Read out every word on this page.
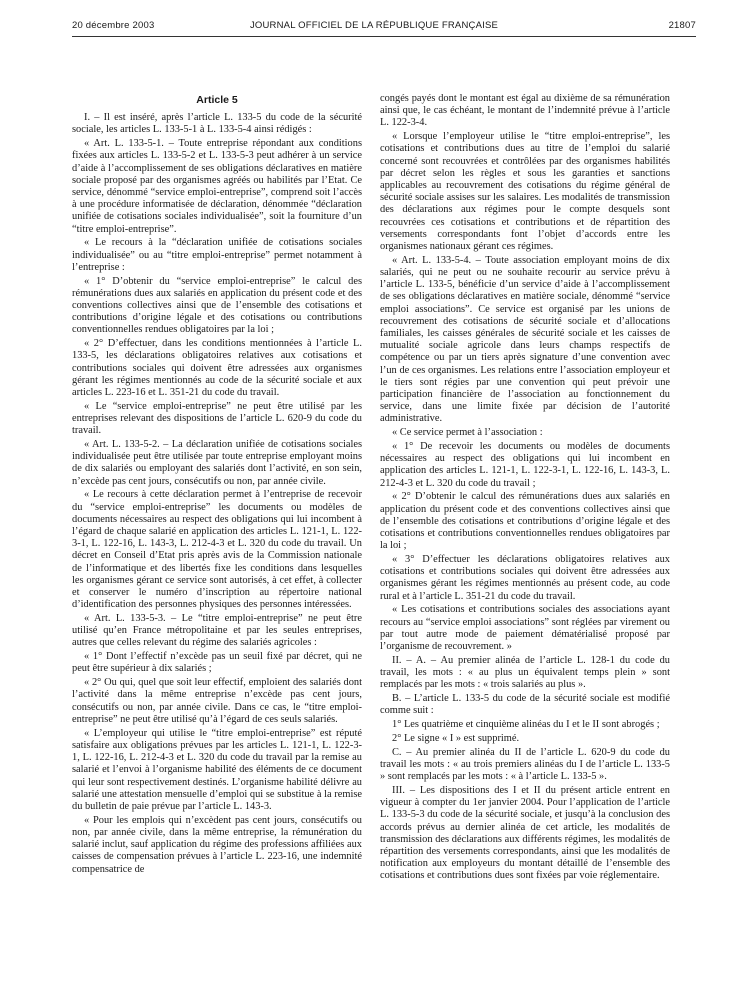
JOURNAL OFFICIEL DE LA RÉPUBLIQUE FRANÇAISE
20 décembre 2003	21807
Article 5

I. – Il est inséré, après l’article L. 133-5 du code de la sécurité sociale, les articles L. 133-5-1 à L. 133-5-4 ainsi rédigés :

« Art. L. 133-5-1. – Toute entreprise répondant aux conditions fixées aux articles L. 133-5-2 et L. 133-5-3 peut adhérer à un service d’aide à l’accomplissement de ses obligations déclaratives en matière sociale proposé par des organismes agréés ou habilités par l’Etat. Ce service, dénommé “service emploi-entreprise”, comprend soit l’accès à une procédure informatisée de déclaration, dénommée “déclaration unifiée de cotisations sociales individualisée”, soit la fourniture d’un “titre emploi-entreprise”.

« Le recours à la “déclaration unifiée de cotisations sociales individualisée” ou au “titre emploi-entreprise” permet notamment à l’entreprise :

« 1° D’obtenir du “service emploi-entreprise” le calcul des rémunérations dues aux salariés en application du présent code et des conventions collectives ainsi que de l’ensemble des cotisations et contributions d’origine légale et des cotisations ou contributions conventionnelles rendues obligatoires par la loi ;

« 2° D’effectuer, dans les conditions mentionnées à l’article L. 133-5, les déclarations obligatoires relatives aux cotisations et contributions sociales qui doivent être adressées aux organismes gérant les régimes mentionnés au code de la sécurité sociale et aux articles L. 223-16 et L. 351-21 du code du travail.

« Le “service emploi-entreprise” ne peut être utilisé par les entreprises relevant des dispositions de l’article L. 620-9 du code du travail.

« Art. L. 133-5-2. – La déclaration unifiée de cotisations sociales individualisée peut être utilisée par toute entreprise employant moins de dix salariés ou employant des salariés dont l’activité, en son sein, n’excède pas cent jours, consécutifs ou non, par année civile.

« Le recours à cette déclaration permet à l’entreprise de recevoir du “service emploi-entreprise” les documents ou modèles de documents nécessaires au respect des obligations qui lui incombent à l’égard de chaque salarié en application des articles L. 121-1, L. 122-3-1, L. 122-16, L. 143-3, L. 212-4-3 et L. 320 du code du travail. Un décret en Conseil d’Etat pris après avis de la Commission nationale de l’informatique et des libertés fixe les conditions dans lesquelles les organismes gérant ce service sont autorisés, à cet effet, à collecter et conserver le numéro d’inscription au répertoire national d’identification des personnes physiques des personnes intéressées.

« Art. L. 133-5-3. – Le “titre emploi-entreprise” ne peut être utilisé qu’en France métropolitaine et par les seules entreprises, autres que celles relevant du régime des salariés agricoles :

« 1° Dont l’effectif n’excède pas un seuil fixé par décret, qui ne peut être supérieur à dix salariés ;

« 2° Ou qui, quel que soit leur effectif, emploient des salariés dont l’activité dans la même entreprise n’excède pas cent jours, consécutifs ou non, par année civile. Dans ce cas, le “titre emploi-entreprise” ne peut être utilisé qu’à l’égard de ces seuls salariés.

« L’employeur qui utilise le “titre emploi-entreprise” est réputé satisfaire aux obligations prévues par les articles L. 121-1, L. 122-3-1, L. 122-16, L. 212-4-3 et L. 320 du code du travail par la remise au salarié et l’envoi à l’organisme habilité des éléments de ce document qui leur sont respectivement destinés. L’organisme habilité délivre au salarié une attestation mensuelle d’emploi qui se substitue à la remise du bulletin de paie prévue par l’article L. 143-3.

« Pour les emplois qui n’excèdent pas cent jours, consécutifs ou non, par année civile, dans la même entreprise, la rémunération du salarié inclut, sauf application du régime des professions affiliées aux caisses de compensation prévues à l’article L. 223-16, une indemnité compensatrice de

congés payés dont le montant est égal au dixième de sa rémunération ainsi que, le cas échéant, le montant de l’indemnité prévue à l’article L. 122-3-4.

« Lorsque l’employeur utilise le “titre emploi-entreprise”, les cotisations et contributions dues au titre de l’emploi du salarié concerné sont recouvrées et contrôlées par des organismes habilités par décret selon les règles et sous les garanties et sanctions applicables au recouvrement des cotisations du régime général de sécurité sociale assises sur les salaires. Les modalités de transmission des déclarations aux régimes pour le compte desquels sont recouvrées ces cotisations et contributions et de répartition des versements correspondants font l’objet d’accords entre les organismes nationaux gérant ces régimes.

« Art. L. 133-5-4. – Toute association employant moins de dix salariés, qui ne peut ou ne souhaite recourir au service prévu à l’article L. 133-5, bénéficie d’un service d’aide à l’accomplissement de ses obligations déclaratives en matière sociale, dénommé “service emploi associations”. Ce service est organisé par les unions de recouvrement des cotisations de sécurité sociale et d’allocations familiales, les caisses générales de sécurité sociale et les caisses de mutualité sociale agricole dans leurs champs respectifs de compétence ou par un tiers après signature d’une convention avec l’un de ces organismes. Les relations entre l’association employeur et le tiers sont régies par une convention qui peut prévoir une participation financière de l’association au fonctionnement du service, dans une limite fixée par décision de l’autorité administrative.

« Ce service permet à l’association :

« 1° De recevoir les documents ou modèles de documents nécessaires au respect des obligations qui lui incombent en application des articles L. 121-1, L. 122-3-1, L. 122-16, L. 143-3, L. 212-4-3 et L. 320 du code du travail ;

« 2° D’obtenir le calcul des rémunérations dues aux salariés en application du présent code et des conventions collectives ainsi que de l’ensemble des cotisations et contributions d’origine légale et des cotisations et contributions conventionnelles rendues obligatoires par la loi ;

« 3° D’effectuer les déclarations obligatoires relatives aux cotisations et contributions sociales qui doivent être adressées aux organismes gérant les régimes mentionnés au présent code, au code rural et à l’article L. 351-21 du code du travail.

« Les cotisations et contributions sociales des associations ayant recours au “service emploi associations” sont réglées par virement ou par tout autre mode de paiement dématérialisé proposé par l’organisme de recouvrement. »

II. – A. – Au premier alinéa de l’article L. 128-1 du code du travail, les mots : « au plus un équivalent temps plein » sont remplacés par les mots : « trois salariés au plus ».

B. – L’article L. 133-5 du code de la sécurité sociale est modifié comme suit :

1° Les quatrième et cinquième alinéas du I et le II sont abrogés ;

2° Le signe « I » est supprimé.

C. – Au premier alinéa du II de l’article L. 620-9 du code du travail les mots : « au trois premiers alinéas du I de l’article L. 133-5 » sont remplacés par les mots : « à l’article L. 133-5 ».

III. – Les dispositions des I et II du présent article entrent en vigueur à compter du 1er janvier 2004. Pour l’application de l’article L. 133-5-3 du code de la sécurité sociale, et jusqu’à la conclusion des accords prévus au dernier alinéa de cet article, les modalités de transmission des déclarations aux différents régimes, les modalités de répartition des versements correspondants, ainsi que les modalités de notification aux employeurs du montant détaillé de l’ensemble des cotisations et contributions dues sont fixées par voie réglementaire.
